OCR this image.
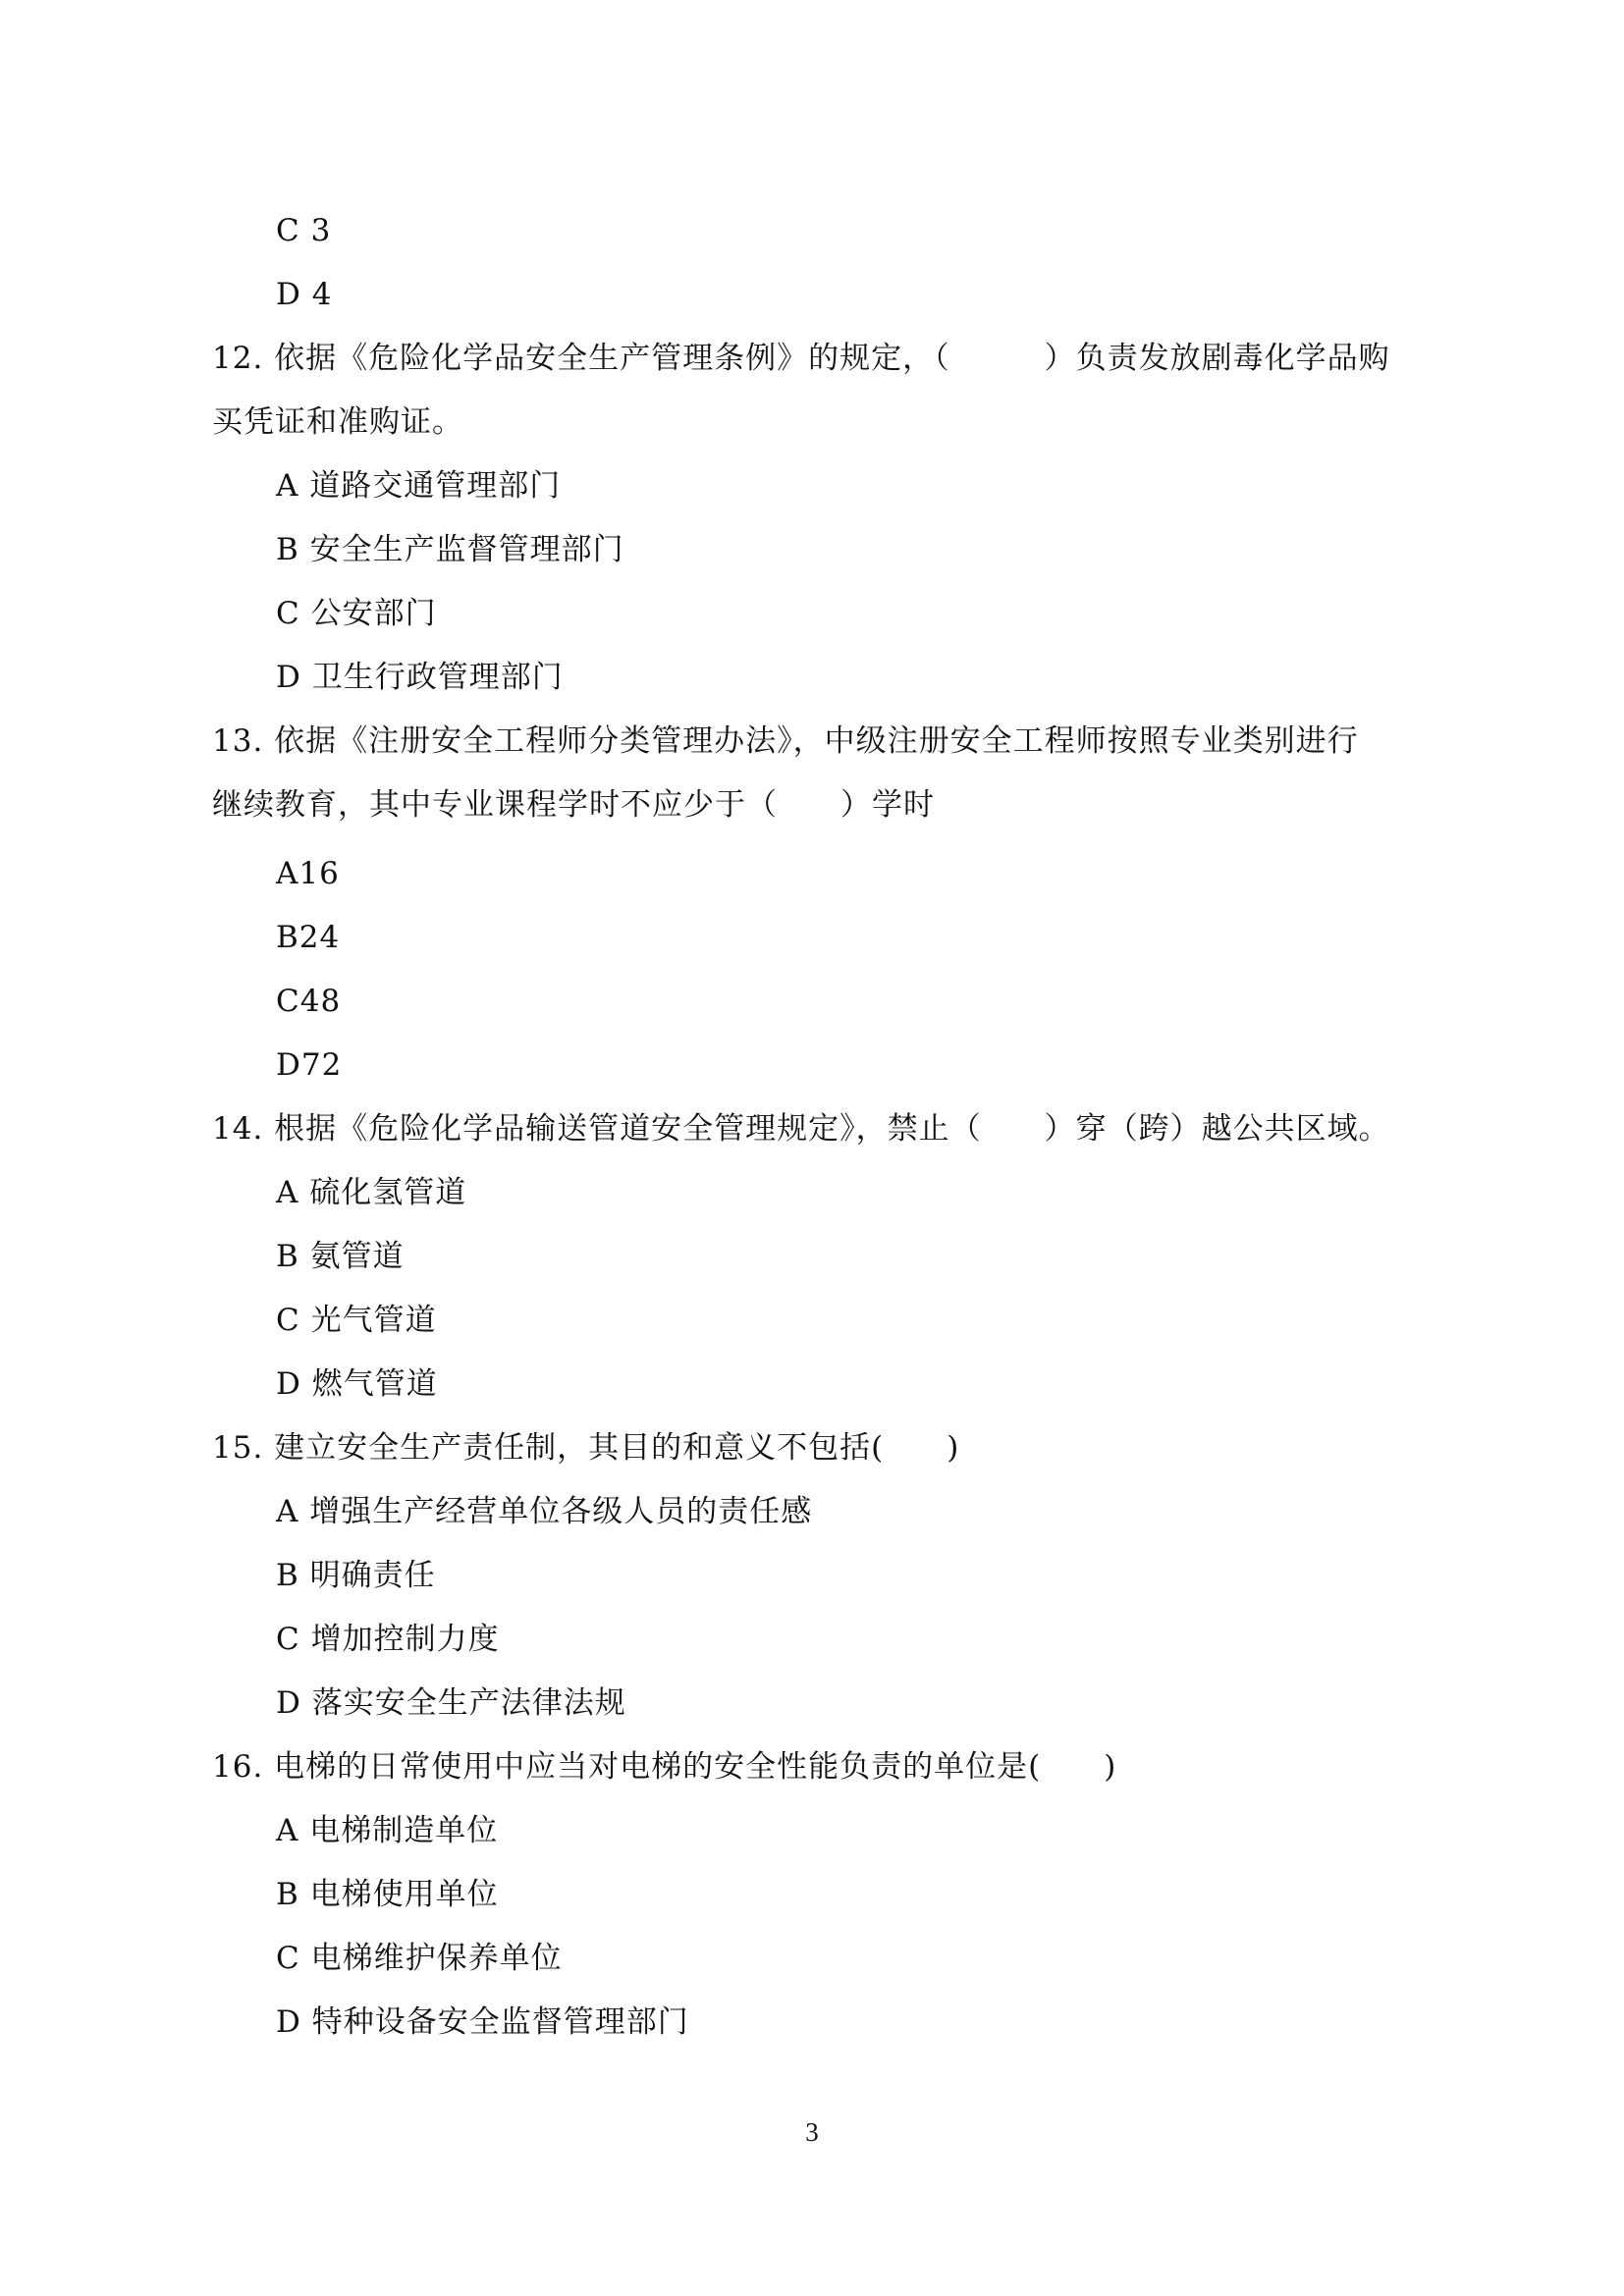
C 3
D 4
12. 依据《危险化学品安全生产管理条例》的规定，（　　　）负责发放剧毒化学品购
买凭证和准购证。
A 道路交通管理部门
B 安全生产监督管理部门
C 公安部门
D 卫生行政管理部门
13. 依据《注册安全工程师分类管理办法》，中级注册安全工程师按照专业类别进行
继续教育，其中专业课程学时不应少于（　　）学时
A16
B24
C48
D72
14. 根据《危险化学品输送管道安全管理规定》，禁止（　　）穿（跨）越公共区域。
A 硫化氢管道
B 氨管道
C 光气管道
D 燃气管道
15. 建立安全生产责任制，其目的和意义不包括(　　)
A 增强生产经营单位各级人员的责任感
B 明确责任
C 增加控制力度
D 落实安全生产法律法规
16. 电梯的日常使用中应当对电梯的安全性能负责的单位是(　　)
A 电梯制造单位
B 电梯使用单位
C 电梯维护保养单位
D 特种设备安全监督管理部门
3
